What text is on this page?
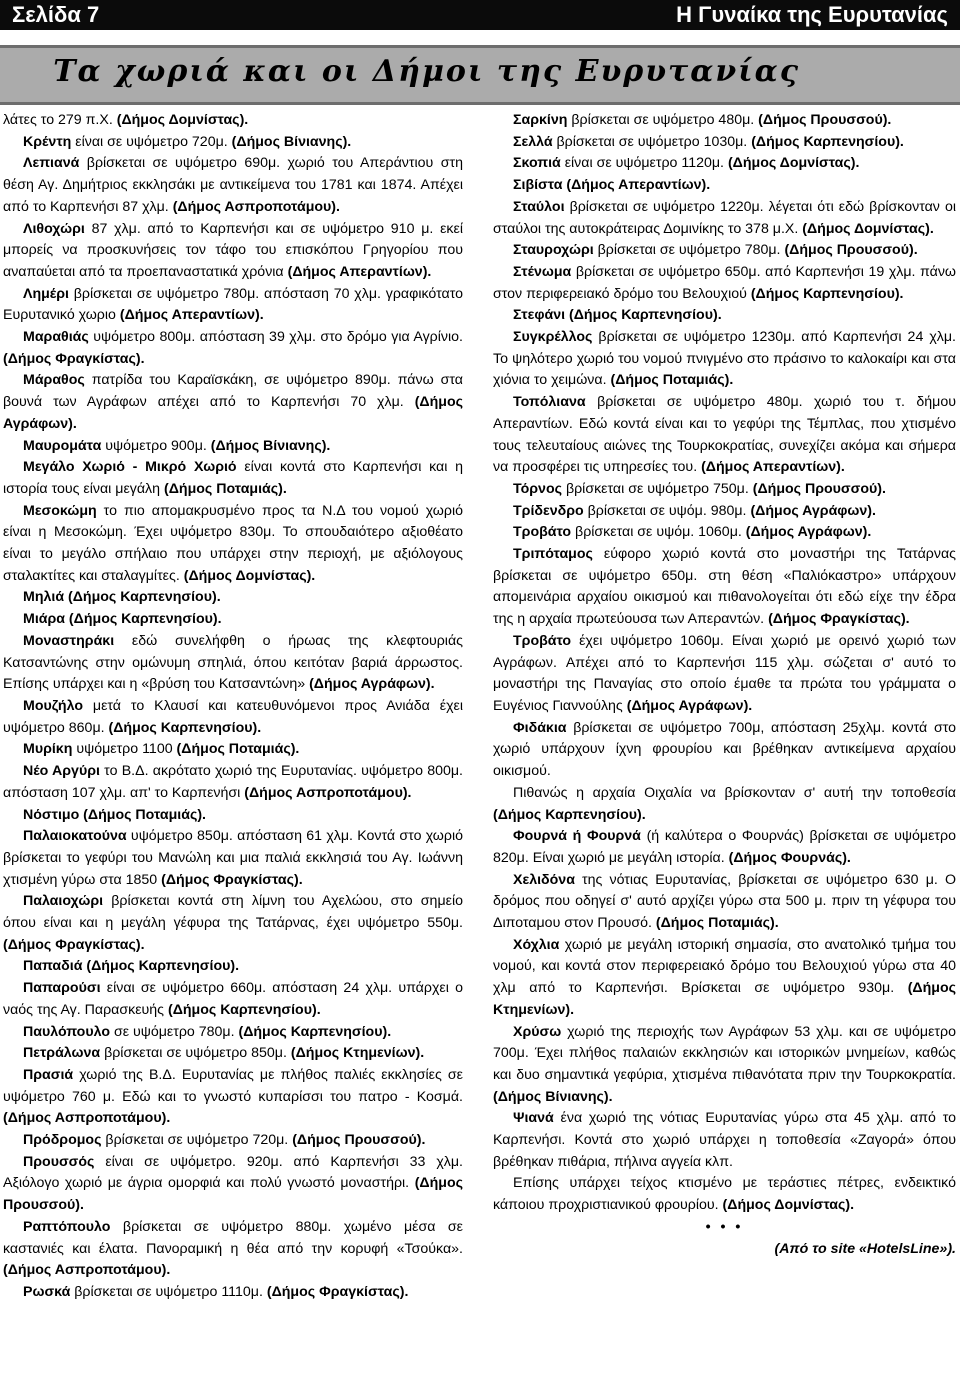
Σελίδα 7	Η Γυναίκα της Ευρυτανίας
Τα χωριά και οι Δήμοι της Ευρυτανίας

λάτες το 279 π.Χ. (Δήμος Δομνίστας).

Κρέντη είναι σε υψόμετρο 720μ. (Δήμος Βίνιανης).

Λεπιανά βρίσκεται σε υψόμετρο 690μ. χωριό του Απεράντιου στη θέση Αγ. Δημήτριος εκκλησάκι με αντικείμενα του 1781 και 1874. Απέχει από το Καρπενήσι 87 χλμ. (Δήμος Ασπροποτάμου).

Λιθοχώρι 87 χλμ. από το Καρπενήσι και σε υψόμετρο 910 μ. εκεί μπορείς να προσκυνήσεις τον τάφο του επισκόπου Γρηγορίου που αναπαύεται από τα προεπαναστατικά χρόνια (Δήμος Απεραντίων).

Λημέρι βρίσκεται σε υψόμετρο 780μ. απόσταση 70 χλμ. γραφικότατο Ευρυτανικό χωριο (Δήμος Απεραντίων).

Μαραθιάς υψόμετρο 800μ. απόσταση 39 χλμ. στο δρόμο για Αγρίνιο. (Δήμος Φραγκίστας).

Μάραθος πατρίδα του Καραϊσκάκη, σε υψόμετρο 890μ. πάνω στα βουνά των Αγράφων απέχει από το Καρπενήσι 70 χλμ. (Δήμος Αγράφων).

Μαυρομάτα υψόμετρο 900μ. (Δήμος Βίνιανης).

Μεγάλο Χωριό - Μικρό Χωριό είναι κοντά στο Καρπενήσι και η ιστορία τους είναι μεγάλη (Δήμος Ποταμιάς).

Μεσοκώμη το πιο απομακρυσμένο προς τα Ν.Δ του νομού χωριό είναι η Μεσοκώμη. Έχει υψόμετρο 830μ. Το σπουδαιότερο αξιοθέατο είναι το μεγάλο σπήλαιο που υπάρχει στην περιοχή, με αξιόλογους σταλακτίτες και σταλαγμίτες. (Δήμος Δομνίστας).

Μηλιά (Δήμος Καρπενησίου).

Μιάρα (Δήμος Καρπενησίου).

Μοναστηράκι εδώ συνελήφθη ο ήρωας της κλεφτουριάς Κατσαντώνης στην ομώνυμη σπηλιά, όπου κειτόταν βαριά άρρωστος. Επίσης υπάρχει και η «βρύση του Κατσαντώνη» (Δήμος Αγράφων).

Μουζήλο μετά το Κλαυσί και κατευθυνόμενοι προς Ανιάδα έχει υψόμετρο 860μ. (Δήμος Καρπενησίου).

Μυρίκη υψόμετρο 1100 (Δήμος Ποταμιάς).

Νέο Αργύρι το Β.Δ. ακρότατο χωριό της Ευρυτανίας. υψόμετρο 800μ. απόσταση 107 χλμ. απ' το Καρπενήσι (Δήμος Ασπροποτάμου).

Νόστιμο (Δήμος Ποταμιάς).

Παλαιοκατούνα υψόμετρο 850μ. απόσταση 61 χλμ. Κοντά στο χωριό βρίσκεται το γεφύρι του Μανώλη και μια παλιά εκκλησιά του Αγ. Ιωάννη χτισμένη γύρω στα 1850 (Δήμος Φραγκίστας).

Παλαιοχώρι βρίσκεται κοντά στη λίμνη του Αχελώου, στο σημείο όπου είναι και η μεγάλη γέφυρα της Τατάρνας, έχει υψόμετρο 550μ. (Δήμος Φραγκίστας).

Παπαδιά (Δήμος Καρπενησίου).

Παπαρούσι είναι σε υψόμετρο 660μ. απόσταση 24 χλμ. υπάρχει ο ναός της Αγ. Παρασκευής (Δήμος Καρπενησίου).

Παυλόπουλο σε υψόμετρο 780μ. (Δήμος Καρπενησίου).

Πετράλωνα βρίσκεται σε υψόμετρο 850μ. (Δήμος Κτημενίων).

Πρασιά χωριό της Β.Δ. Ευρυτανίας με πλήθος παλιές εκκλησίες σε υψόμετρο 760 μ. Εδώ και το γνωστό κυπαρίσσι του πατρο - Κοσμά. (Δήμος Ασπροποτάμου).

Πρόδρομος βρίσκεται σε υψόμετρο 720μ. (Δήμος Προυσσού).

Προυσσός είναι σε υψόμετρο. 920μ. από Καρπενήσι 33 χλμ. Αξιόλογο χωριό με άγρια ομορφιά και πολύ γνωστό μοναστήρι. (Δήμος Προυσσού).

Ραπτόπουλο βρίσκεται σε υψόμετρο 880μ. χωμένο μέσα σε καστανιές και έλατα. Πανοραμική η θέα από την κορυφή «Τσούκα». (Δήμος Ασπροποτάμου).

Ρωσκά βρίσκεται σε υψόμετρο 1110μ. (Δήμος Φραγκίστας).

Σαρκίνη βρίσκεται σε υψόμετρο 480μ. (Δήμος Προυσσού).

Σελλά βρίσκεται σε υψόμετρο 1030μ. (Δήμος Καρπενησίου).

Σκοπιά είναι σε υψόμετρο 1120μ. (Δήμος Δομνίστας).

Σιβίστα (Δήμος Απεραντίων).

Σταύλοι βρίσκεται σε υψόμετρο 1220μ. λέγεται ότι εδώ βρίσκονταν οι σταύλοι της αυτοκράτειρας Δομινίκης το 378 μ.Χ. (Δήμος Δομνίστας).

Σταυροχώρι βρίσκεται σε υψόμετρο 780μ. (Δήμος Προυσσού).

Στένωμα βρίσκεται σε υψόμετρο 650μ. από Καρπενήσι 19 χλμ. πάνω στον περιφερειακό δρόμο του Βελουχιού (Δήμος Καρπενησίου).

Στεφάνι (Δήμος Καρπενησίου).

Συγκρέλλος βρίσκεται σε υψόμετρο 1230μ. από Καρπενήσι 24 χλμ. Το ψηλότερο χωριό του νομού πνιγμένο στο πράσινο το καλοκαίρι και στα χιόνια το χειμώνα. (Δήμος Ποταμιάς).

Τοπόλιανα βρίσκεται σε υψόμετρο 480μ. χωριό του τ. δήμου Απεραντίων. Εδώ κοντά είναι και το γεφύρι της Τέμπλας, που χτισμένο τους τελευταίους αιώνες της Τουρκοκρατίας, συνεχίζει ακόμα και σήμερα να προσφέρει τις υπηρεσίες του. (Δήμος Απεραντίων).

Τόρνος βρίσκεται σε υψόμετρο 750μ. (Δήμος Προυσσού).

Τρίδενδρο βρίσκεται σε υψόμ. 980μ. (Δήμος Αγράφων).

Τροβάτο βρίσκεται σε υψόμ. 1060μ. (Δήμος Αγράφων).

Τριπόταμος εύφορο χωριό κοντά στο μοναστήρι της Τατάρνας βρίσκεται σε υψόμετρο 650μ. στη θέση «Παλιόκαστρο» υπάρχουν απομεινάρια αρχαίου οικισμού και πιθανολογείται ότι εδώ είχε την έδρα της η αρχαία πρωτεύουσα των Απεραντών. (Δήμος Φραγκίστας).

Τροβάτο έχει υψόμετρο 1060μ. Είναι χωριό με ορεινό χωριό των Αγράφων. Απέχει από το Καρπενήσι 115 χλμ. σώζεται σ' αυτό το μοναστήρι της Παναγίας στο οποίο έμαθε τα πρώτα του γράμματα ο Ευγένιος Γιαννούλης (Δήμος Αγράφων).

Φιδάκια βρίσκεται σε υψόμετρο 700μ, απόσταση 25χλμ. κοντά στο χωριό υπάρχουν ίχνη φρουρίου και βρέθηκαν αντικείμενα αρχαίου οικισμού.

Πιθανώς η αρχαία Οιχαλία να βρίσκονταν σ' αυτή την τοποθεσία (Δήμος Καρπενησίου).

Φουρνά ή Φουρνά (ή καλύτερα ο Φουρνάς) βρίσκεται σε υψόμετρο 820μ. Είναι χωριό με μεγάλη ιστορία. (Δήμος Φουρνάς).

Χελιδόνα της νότιας Ευρυτανίας, βρίσκεται σε υψόμετρο 630 μ. Ο δρόμος που οδηγεί σ' αυτό αρχίζει γύρω στα 500 μ. πριν τη γέφυρα του Διποταμου στον Προυσό. (Δήμος Ποταμιάς).

Χόχλια χωριό με μεγάλη ιστορική σημασία, στο ανατολικό τμήμα του νομού, και κοντά στον περιφερειακό δρόμο του Βελουχιού γύρω στα 40 χλμ από το Καρπενήσι. Βρίσκεται σε υψόμετρο 930μ. (Δήμος Κτημενίων).

Χρύσω χωριό της περιοχής των Αγράφων 53 χλμ. και σε υψόμετρο 700μ. Έχει πλήθος παλαιών εκκλησιών και ιστορικών μνημείων, καθώς και δυο σημαντικά γεφύρια, χτισμένα πιθανότατα πριν την Τουρκοκρατία. (Δήμος Βίνιανης).

Ψιανά ένα χωριό της νότιας Ευρυτανίας γύρω στα 45 χλμ. από το Καρπενήσι. Κοντά στο χωριό υπάρχει η τοποθεσία «Ζαγορά» όπου βρέθηκαν πιθάρια, πήλινα αγγεία κλπ.

Επίσης υπάρχει τείχος κτισμένο με τεράστιες πέτρες, ενδεικτικό κάποιου προχριστιανικού φρουρίου. (Δήμος Δομνίστας).

• • •
(Από το site «HotelsLine»).
